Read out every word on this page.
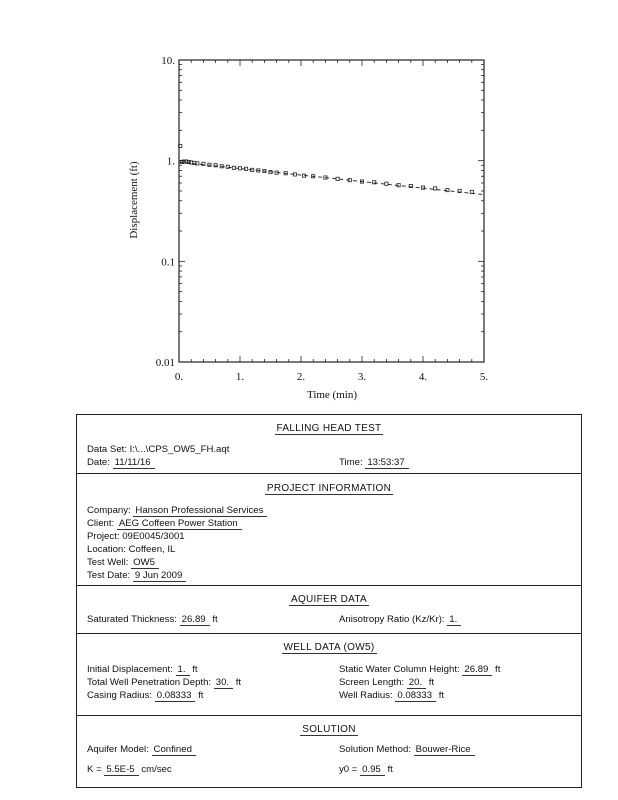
0.	1.	2.	3.	4.	5.
0.01
0.1
1.
10.
Time (min)
Displacement (ft)
FALLING HEAD TEST
Data Set: I:\...\CPS_OW5_FH.aqt
Date: 11/11/16	Time: 13:53:37
PROJECT INFORMATION
Company: Hanson Professional Services
Client: AEG Coffeen Power Station
Project: 09E0045/3001
Location: Coffeen, IL
Test Well: OW5
Test Date: 9 Jun 2009
AQUIFER DATA
Saturated Thickness: 26.89 ft	Anisotropy Ratio (Kz/Kr): 1.
WELL DATA (OW5)
Initial Displacement: 1. ft	Static Water Column Height: 26.89 ft
Total Well Penetration Depth: 30. ft	Screen Length: 20. ft
Casing Radius: 0.08333 ft	Well Radius: 0.08333 ft
SOLUTION
Aquifer Model: Confined	Solution Method: Bouwer-Rice
K = 5.5E-5 cm/sec	y0 = 0.95 ft
